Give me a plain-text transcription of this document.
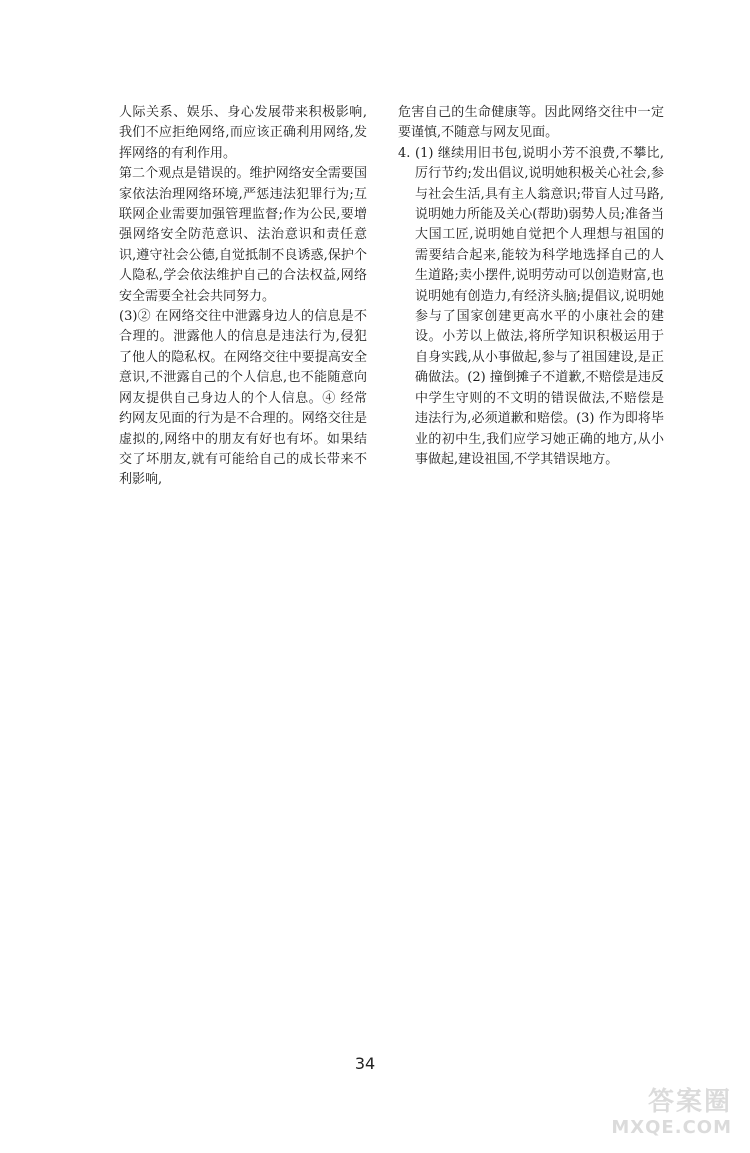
人际关系、娱乐、身心发展带来积极影响,我们不应拒绝网络,而应该正确利用网络,发挥网络的有利作用。

第二个观点是错误的。维护网络安全需要国家依法治理网络环境,严惩违法犯罪行为;互联网企业需要加强管理监督;作为公民,要增强网络安全防范意识、法治意识和责任意识,遵守社会公德,自觉抵制不良诱惑,保护个人隐私,学会依法维护自己的合法权益,网络安全需要全社会共同努力。

(3)② 在网络交往中泄露身边人的信息是不合理的。泄露他人的信息是违法行为,侵犯了他人的隐私权。在网络交往中要提高安全意识,不泄露自己的个人信息,也不能随意向网友提供自己身边人的个人信息。④ 经常约网友见面的行为是不合理的。网络交往是虚拟的,网络中的朋友有好也有坏。如果结交了坏朋友,就有可能给自己的成长带来不利影响,

危害自己的生命健康等。因此网络交往中一定要谨慎,不随意与网友见面。

4. (1) 继续用旧书包,说明小芳不浪费,不攀比,厉行节约;发出倡议,说明她积极关心社会,参与社会生活,具有主人翁意识;带盲人过马路,说明她力所能及关心(帮助)弱势人员;准备当大国工匠,说明她自觉把个人理想与祖国的需要结合起来,能较为科学地选择自己的人生道路;卖小摆件,说明劳动可以创造财富,也说明她有创造力,有经济头脑;提倡议,说明她参与了国家创建更高水平的小康社会的建设。小芳以上做法,将所学知识积极运用于自身实践,从小事做起,参与了祖国建设,是正确做法。(2) 撞倒摊子不道歉,不赔偿是违反中学生守则的不文明的错误做法,不赔偿是违法行为,必须道歉和赔偿。(3) 作为即将毕业的初中生,我们应学习她正确的地方,从小事做起,建设祖国,不学其错误地方。

34
答案圈
MXQE.COM
